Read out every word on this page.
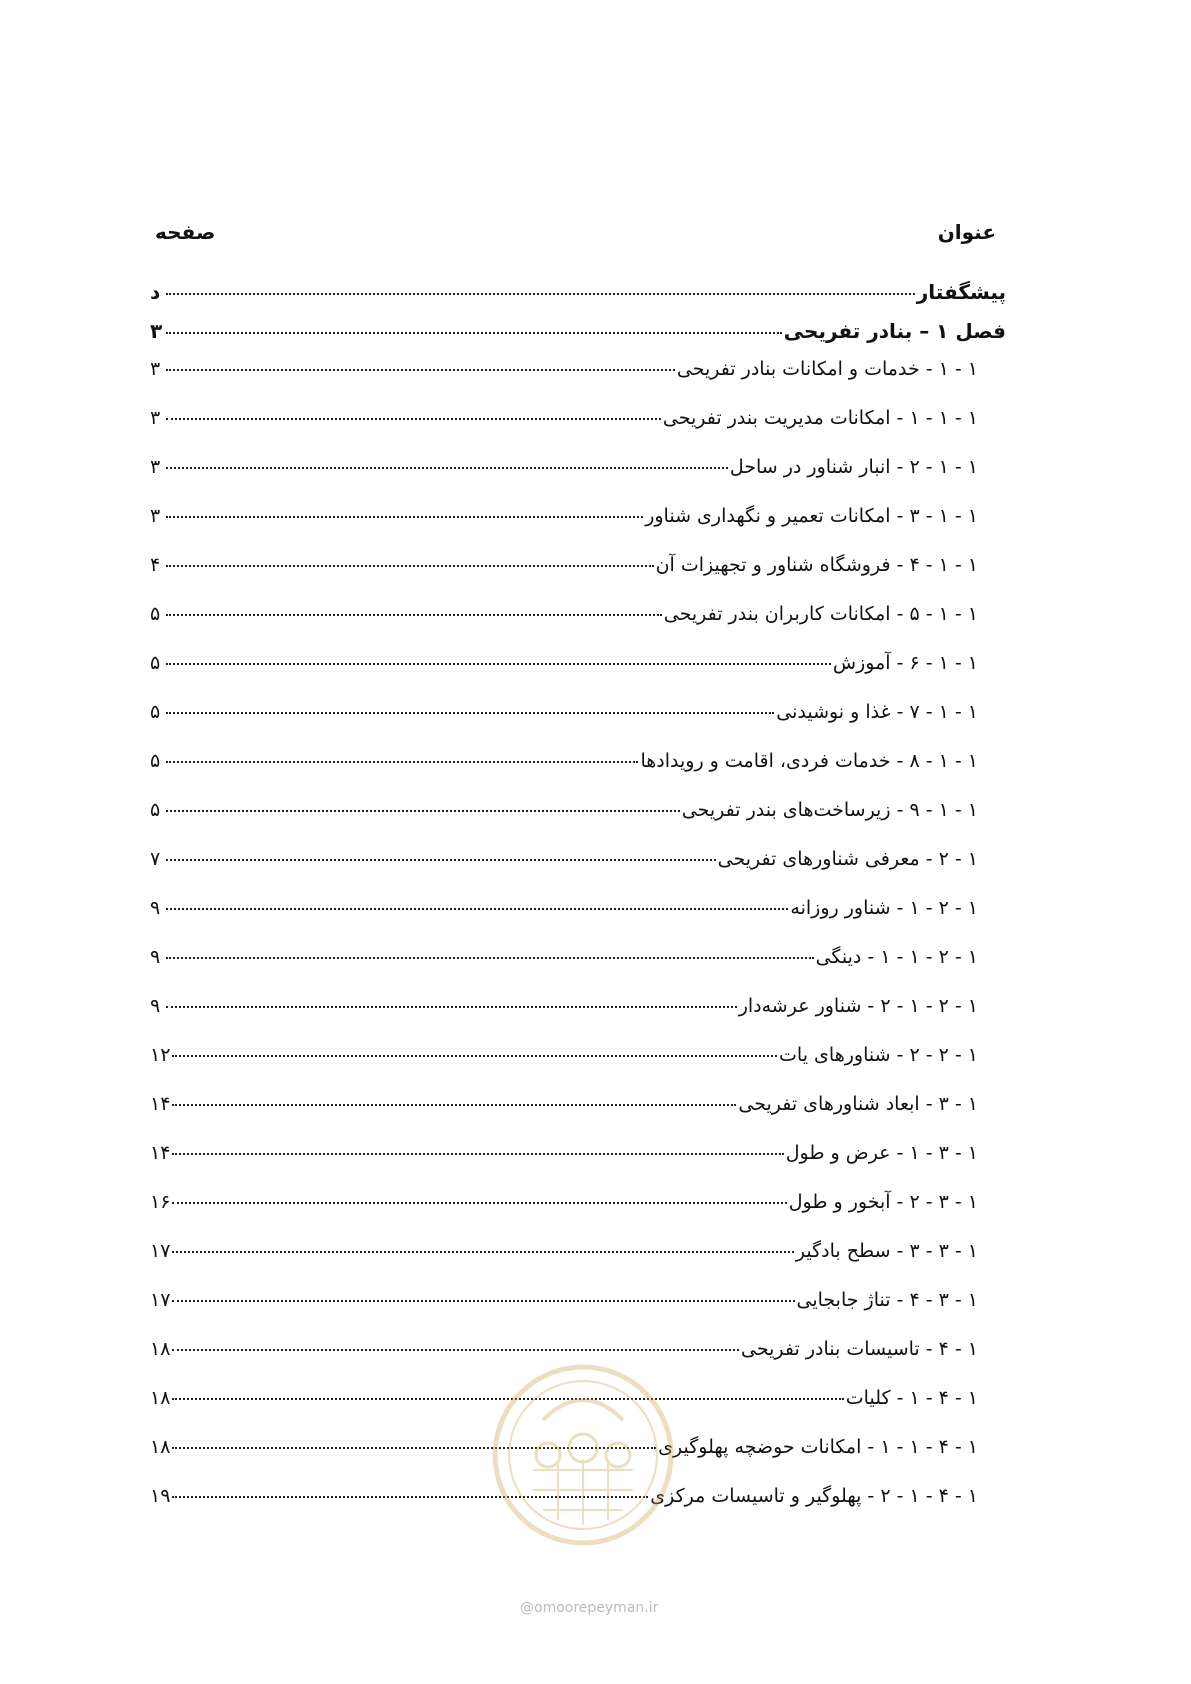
عنوان
صفحه
پیشگفتار
د
فصل ۱ – بنادر تفریحی
۳
۱ - ۱ - خدمات و امکانات بنادر تفریحی
۳
۱ - ۱ - ۱ - امکانات مدیریت بندر تفریحی
۳
۱ - ۱ - ۲ - انبار شناور در ساحل
۳
۱ - ۱ - ۳ - امکانات تعمیر و نگهداری شناور
۳
۱ - ۱ - ۴ - فروشگاه شناور و تجهیزات آن
۴
۱ - ۱ - ۵ - امکانات کاربران بندر تفریحی
۵
۱ - ۱ - ۶ - آموزش
۵
۱ - ۱ - ۷ - غذا و نوشیدنی
۵
۱ - ۱ - ۸ - خدمات فردی، اقامت و رویدادها
۵
۱ - ۱ - ۹ - زیرساخت‌های بندر تفریحی
۵
۱ - ۲ - معرفی شناورهای تفریحی
۷
۱ - ۲ - ۱ - شناور روزانه
۹
۱ - ۲ - ۱ - ۱ - دینگی
۹
۱ - ۲ - ۱ - ۲ - شناور عرشه‌دار
۹
۱ - ۲ - ۲ - شناورهای یات
۱۲
۱ - ۳ - ابعاد شناورهای تفریحی
۱۴
۱ - ۳ - ۱ - عرض و طول
۱۴
۱ - ۳ - ۲ - آبخور و طول
۱۶
۱ - ۳ - ۳ - سطح بادگیر
۱۷
۱ - ۳ - ۴ - تناژ جابجایی
۱۷
۱ - ۴ - تاسیسات بنادر تفریحی
۱۸
۱ - ۴ - ۱ - کلیات
۱۸
۱ - ۴ - ۱ - ۱ - امکانات حوضچه پهلوگیری
۱۸
۱ - ۴ - ۱ - ۲ - پهلوگیر و تاسیسات مرکزی
۱۹
@omoorepeyman.ir
